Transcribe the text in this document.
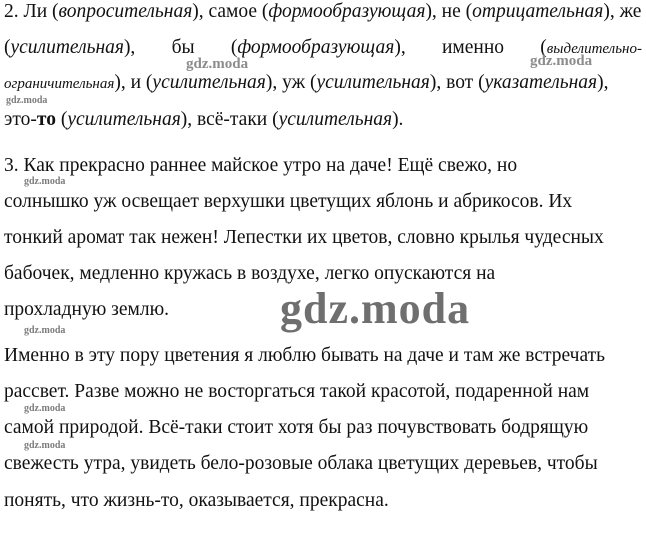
2. Ли (вопросительная), самое (формообразующая), не (отрицательная), же
(усилительная), бы (формообразующая), именно (выделительно-
ограничительная), и (усилительная), уж (усилительная), вот (указательная),
это-то (усилительная), всё-таки (усилительная).
3. Как прекрасно раннее майское утро на даче! Ещё свежо, но
солнышко уж освещает верхушки цветущих яблонь и абрикосов. Их
тонкий аромат так нежен! Лепестки их цветов, словно крылья чудесных
бабочек, медленно кружась в воздухе, легко опускаются на
прохладную землю.
Именно в эту пору цветения я люблю бывать на даче и там же встречать
рассвет. Разве можно не восторгаться такой красотой, подаренной нам
самой природой. Всё-таки стоит хотя бы раз почувствовать бодрящую
свежесть утра, увидеть бело-розовые облака цветущих деревьев, чтобы
понять, что жизнь-то, оказывается, прекрасна.
gdz.moda	gdz.moda
gdz.moda
gdz.moda
gdz.moda
gdz.moda
gdz.moda
gdz.moda
